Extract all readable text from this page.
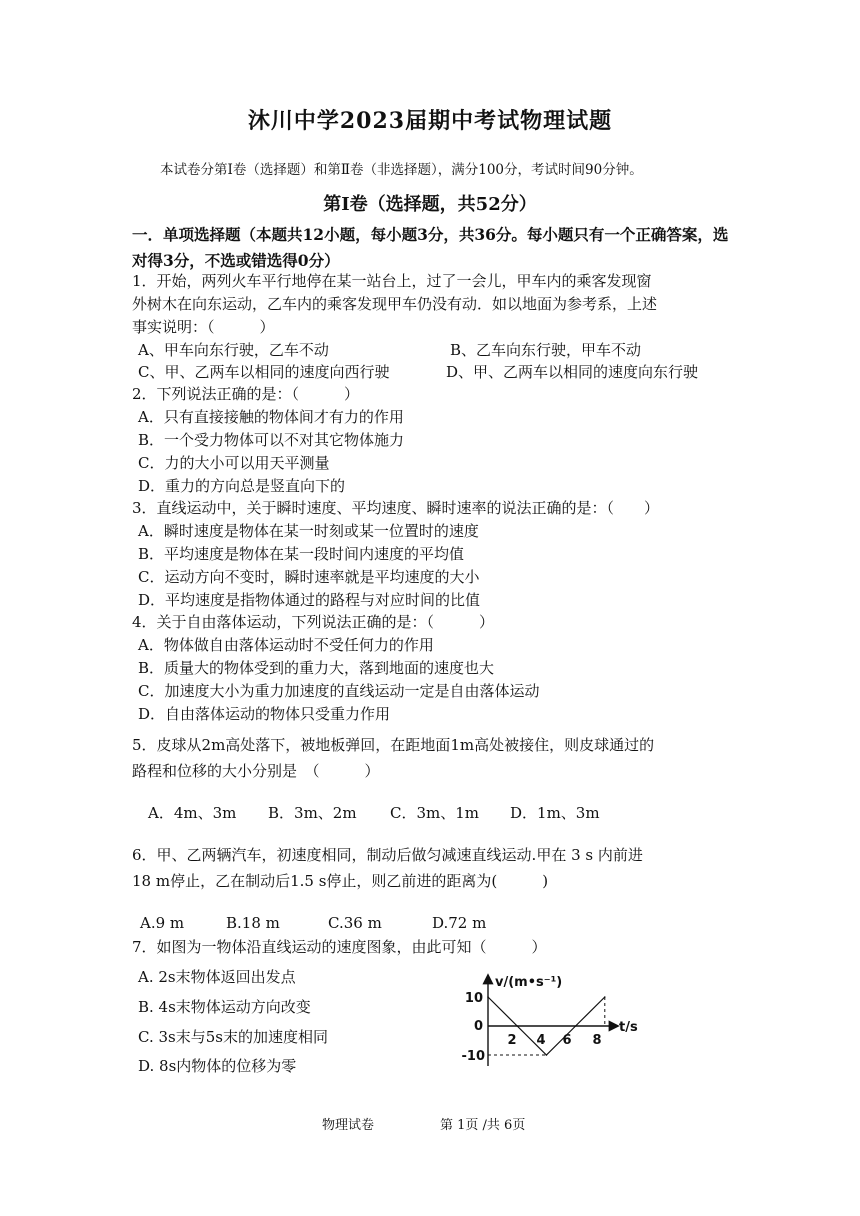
沐川中学2023届期中考试物理试题
本试卷分第Ⅰ卷（选择题）和第Ⅱ卷（非选择题），满分100分，考试时间90分钟。
第Ⅰ卷（选择题，共52分）
一．单项选择题（本题共12小题，每小题3分，共36分。每小题只有一个正确答案，选对得3分，不选或错选得0分）
1．开始，两列火车平行地停在某一站台上，过了一会儿，甲车内的乘客发现窗
外树木在向东运动，乙车内的乘客发现甲车仍没有动．如以地面为参考系，上述
事实说明：（　　　）
A、甲车向东行驶，乙车不动	B、乙车向东行驶，甲车不动
C、甲、乙两车以相同的速度向西行驶	D、甲、乙两车以相同的速度向东行驶
2．下列说法正确的是：（　　　）
A．只有直接接触的物体间才有力的作用
B．一个受力物体可以不对其它物体施力
C．力的大小可以用天平测量
D．重力的方向总是竖直向下的
3．直线运动中，关于瞬时速度、平均速度、瞬时速率的说法正确的是：（　　）
A．瞬时速度是物体在某一时刻或某一位置时的速度
B．平均速度是物体在某一段时间内速度的平均值
C．运动方向不变时，瞬时速率就是平均速度的大小
D．平均速度是指物体通过的路程与对应时间的比值
4．关于自由落体运动，下列说法正确的是：（　　　）
A．物体做自由落体运动时不受任何力的作用
B．质量大的物体受到的重力大，落到地面的速度也大
C．加速度大小为重力加速度的直线运动一定是自由落体运动
D．自由落体运动的物体只受重力作用
5．皮球从2m高处落下，被地板弹回，在距地面1m高处被接住，则皮球通过的
路程和位移的大小分别是　（　　　）
A．4m、3m B．3m、2m C．3m、1m D．1m、3m
6．甲、乙两辆汽车，初速度相同，制动后做匀减速直线运动.甲在 3 s 内前进
18 m停止，乙在制动后1.5 s停止，则乙前进的距离为(　　　)
A.9 m	B.18 m	C.36 m	D.72 m
7．如图为一物体沿直线运动的速度图象，由此可知（　　　）
A. 2s末物体返回出发点
B. 4s末物体运动方向改变
C. 3s末与5s末的加速度相同
D. 8s内物体的位移为零
v/(m•s⁻¹)
t/s
10
0
-10
2 4 6 8
物理试卷	第 1页 /共 6页
